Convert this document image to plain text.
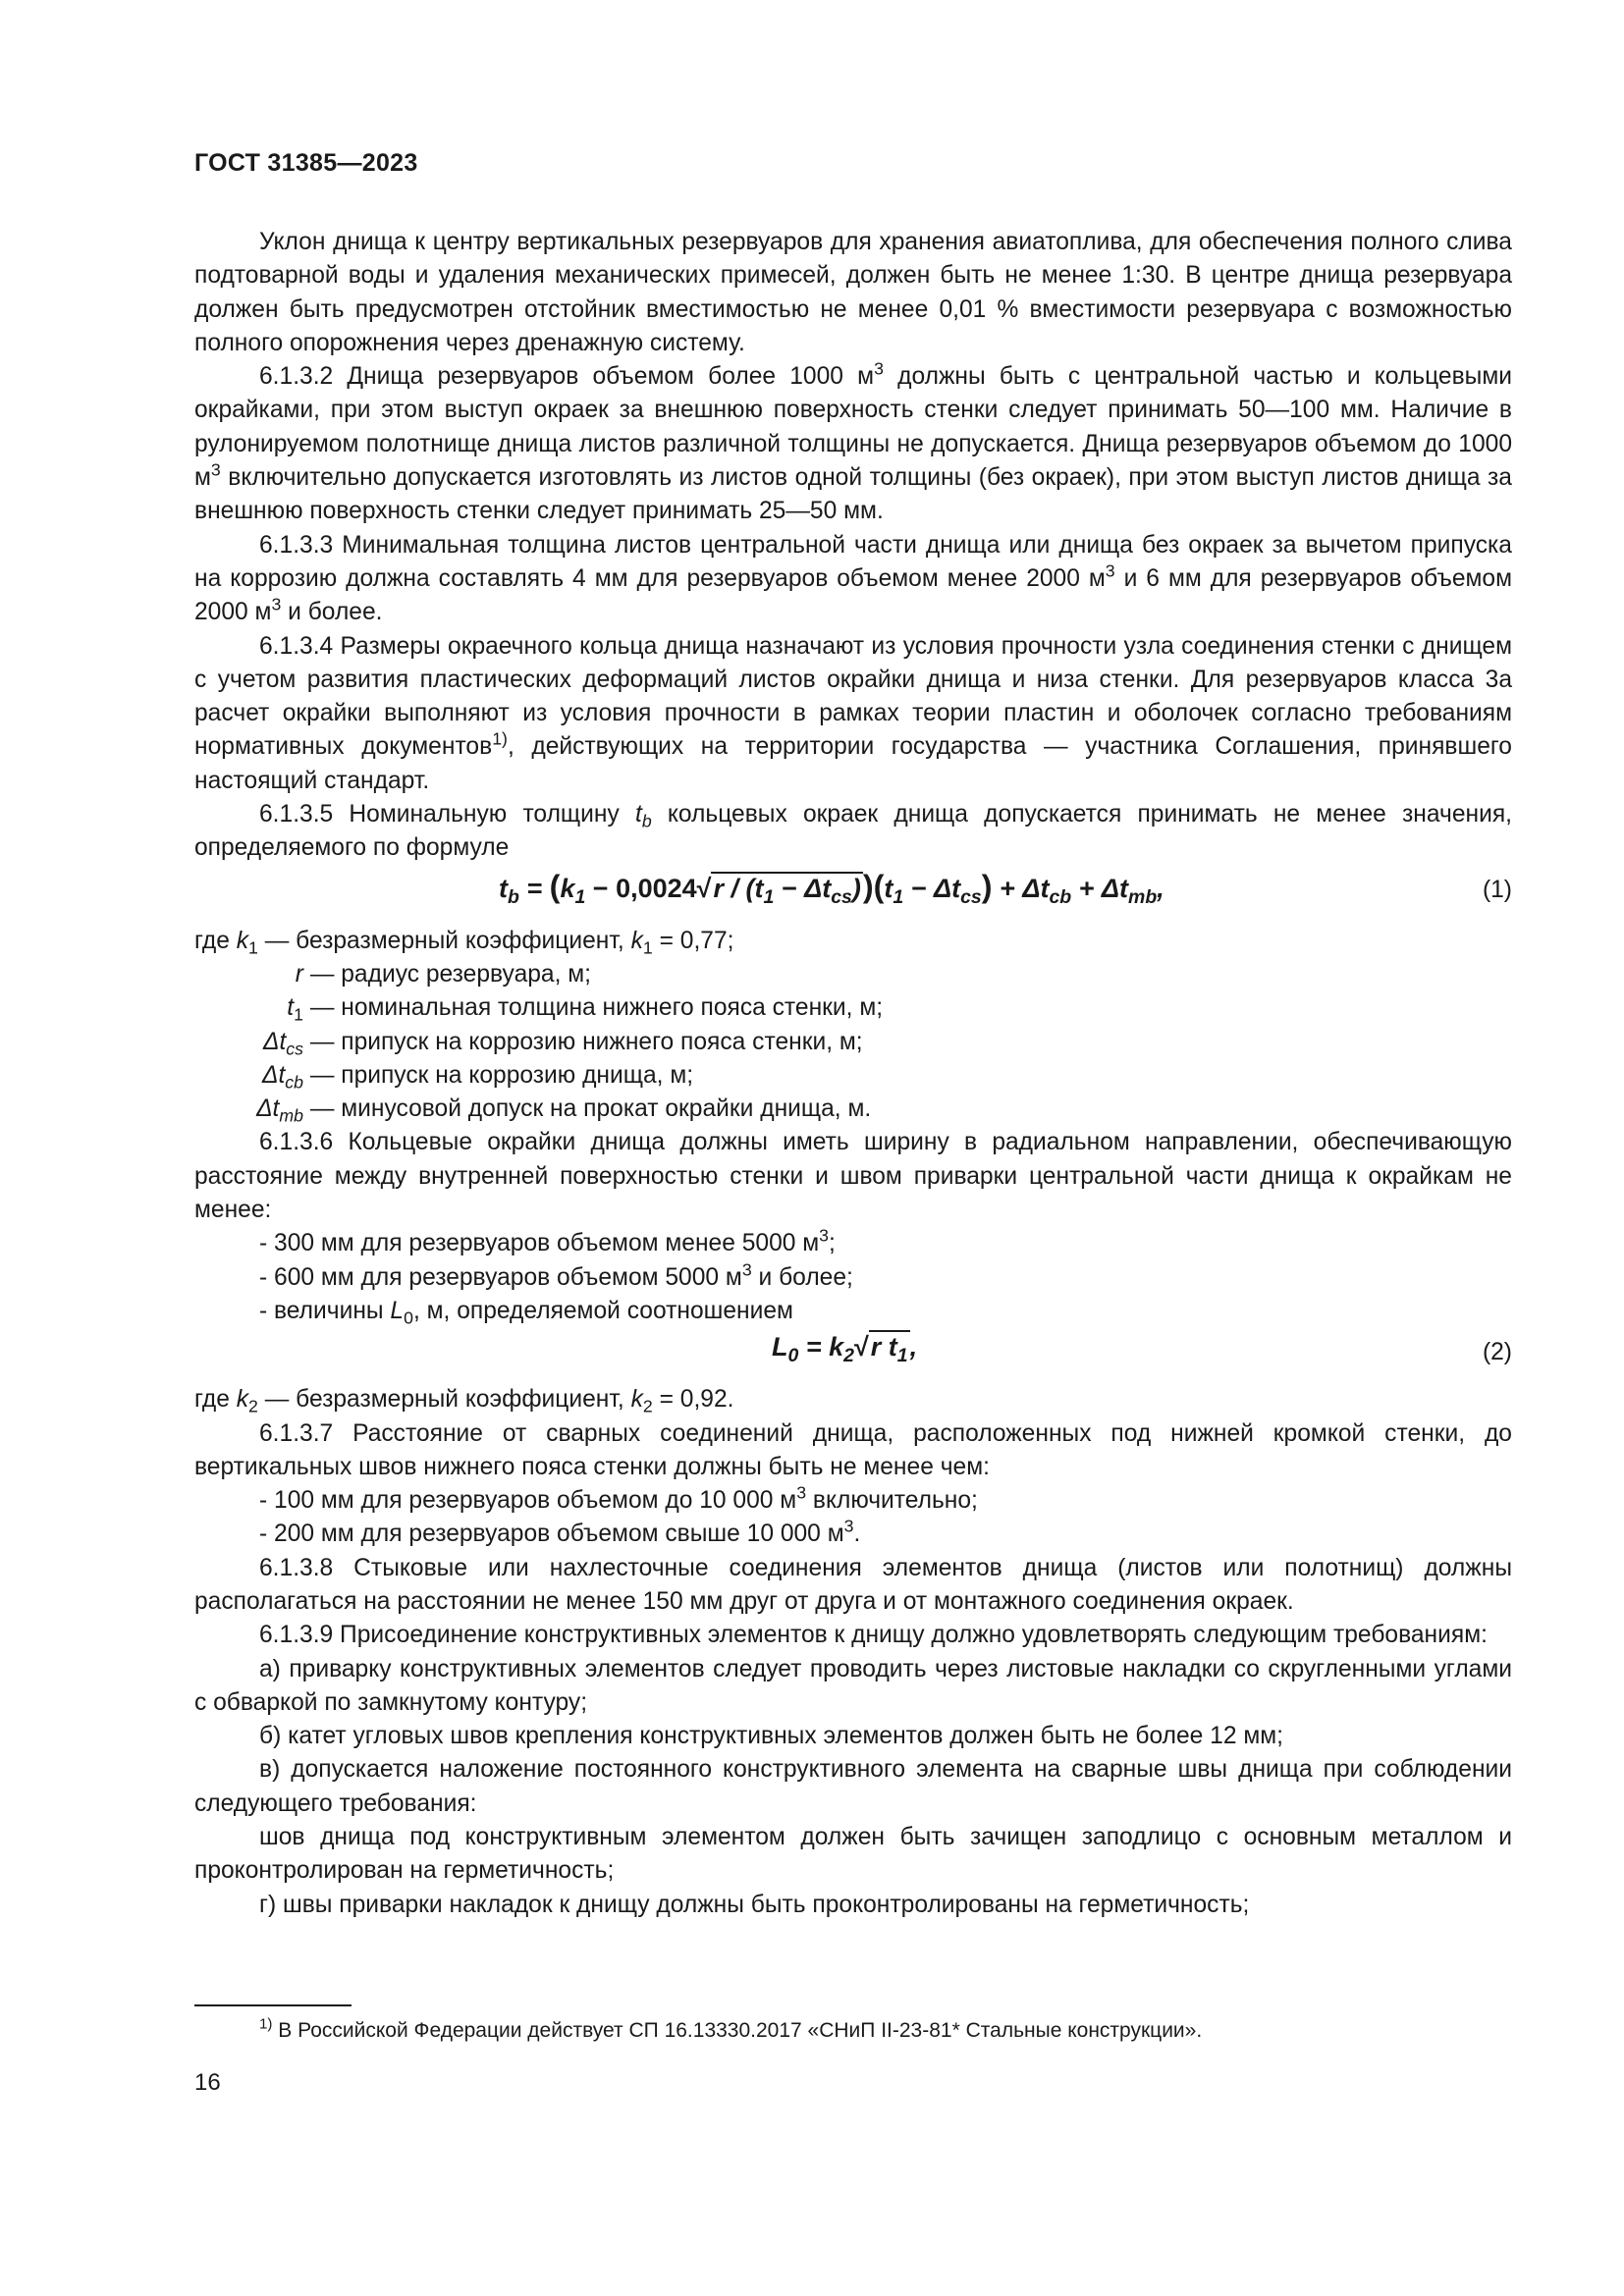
ГОСТ 31385—2023

Уклон днища к центру вертикальных резервуаров для хранения авиатоплива, для обеспечения полного слива подтоварной воды и удаления механических примесей, должен быть не менее 1:30. В центре днища резервуара должен быть предусмотрен отстойник вместимостью не менее 0,01 % вместимости резервуара с возможностью полного опорожнения через дренажную систему.

6.1.3.2 Днища резервуаров объемом более 1000 $м^3$ должны быть с центральной частью и кольцевыми окрайками, при этом выступ окраек за внешнюю поверхность стенки следует принимать 50—100 мм. Наличие в рулонируемом полотнище днища листов различной толщины не допускается. Днища резервуаров объемом до 1000 $м^3$ включительно допускается изготовлять из листов одной толщины (без окраек), при этом выступ листов днища за внешнюю поверхность стенки следует принимать 25—50 мм.

6.1.3.3 Минимальная толщина листов центральной части днища или днища без окраек за вычетом припуска на коррозию должна составлять 4 мм для резервуаров объемом менее 2000 $м^3$ и 6 мм для резервуаров объемом 2000 $м^3$ и более.

6.1.3.4 Размеры окраечного кольца днища назначают из условия прочности узла соединения стенки с днищем с учетом развития пластических деформаций листов окрайки днища и низа стенки. Для резервуаров класса 3а расчет окрайки выполняют из условия прочности в рамках теории пластин и оболочек согласно требованиям нормативных документов$^{1)}$, действующих на территории государства — участника Соглашения, принявшего настоящий стандарт.

6.1.3.5 Номинальную толщину $t_b$ кольцевых окраек днища допускается принимать не менее значения, определяемого по формуле

$t_b = (k_1 - 0,0024√r / (t_1 - \Delta t_{cs}))(t_1 - \Delta t_{cs}) + \Delta t_{cb} + \Delta t_{mb}$,	(1)
где $k_1$ — безразмерный коэффициент, $k_1 = 0,77$;
r — радиус резервуара, м;
$t_1$ — номинальная толщина нижнего пояса стенки, м;
$\Delta t_{cs}$ — припуск на коррозию нижнего пояса стенки, м;
$\Delta t_{cb}$ — припуск на коррозию днища, м;
$\Delta t_{mb}$ — минусовой допуск на прокат окрайки днища, м.

6.1.3.6 Кольцевые окрайки днища должны иметь ширину в радиальном направлении, обеспечивающую расстояние между внутренней поверхностью стенки и швом приварки центральной части днища к окрайкам не менее:

- 300 мм для резервуаров объемом менее 5000 $м^3$;

- 600 мм для резервуаров объемом 5000 $м^3$ и более;

- величины $L_0$, м, определяемой соотношением

$L_0 = k_2√r$ $t_1$,	(2)

где $k_2$ — безразмерный коэффициент, $k_2 = 0,92$.

6.1.3.7 Расстояние от сварных соединений днища, расположенных под нижней кромкой стенки, до вертикальных швов нижнего пояса стенки должны быть не менее чем:

- 100 мм для резервуаров объемом до 10 000 $м^3$ включительно;

- 200 мм для резервуаров объемом свыше 10 000 $м^3$.

6.1.3.8 Стыковые или нахлесточные соединения элементов днища (листов или полотнищ) должны располагаться на расстоянии не менее 150 мм друг от друга и от монтажного соединения окраек.

6.1.3.9 Присоединение конструктивных элементов к днищу должно удовлетворять следующим требованиям:

а) приварку конструктивных элементов следует проводить через листовые накладки со скругленными углами с обваркой по замкнутому контуру;

б) катет угловых швов крепления конструктивных элементов должен быть не более 12 мм;

в) допускается наложение постоянного конструктивного элемента на сварные швы днища при соблюдении следующего требования:

шов днища под конструктивным элементом должен быть зачищен заподлицо с основным металлом и проконтролирован на герметичность;

г) швы приварки накладок к днищу должны быть проконтролированы на герметичность;

$^{1)}$ В Российской Федерации действует СП 16.13330.2017 «СНиП II-23-81* Стальные конструкции».
16
